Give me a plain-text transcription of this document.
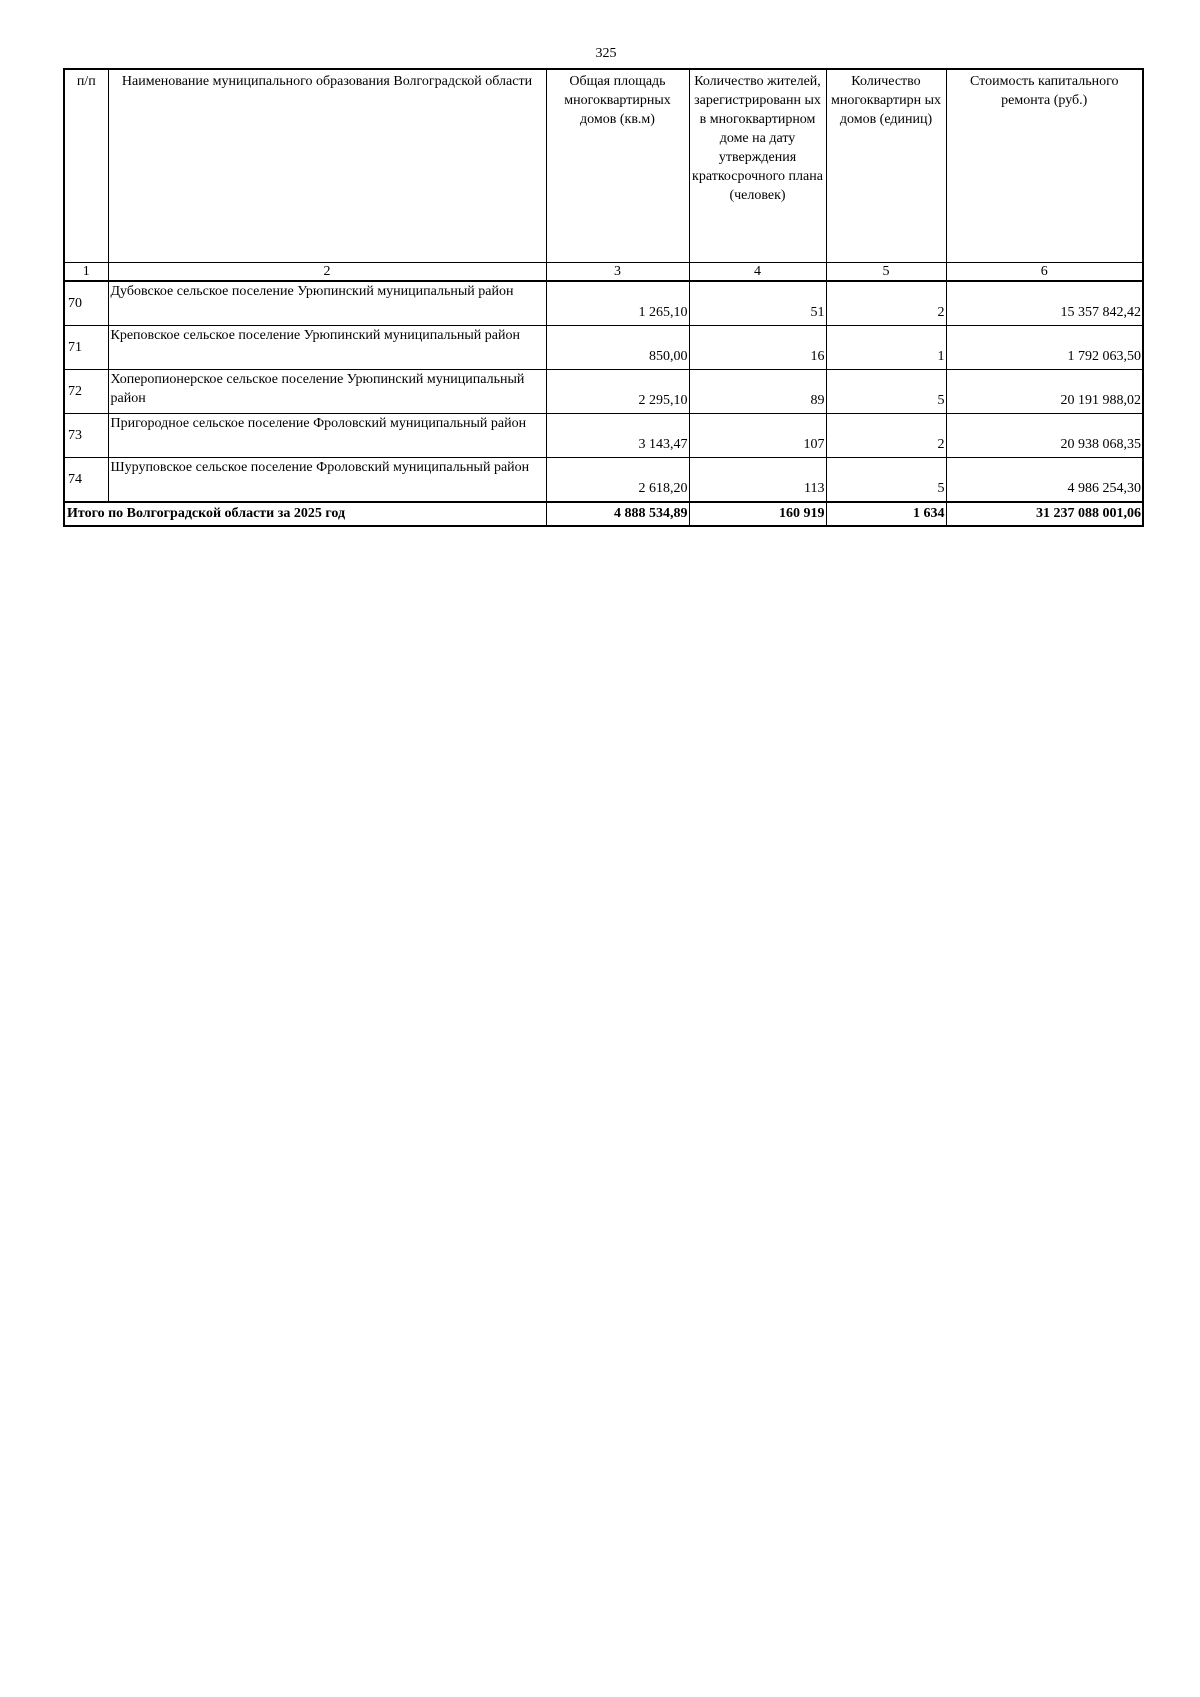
325
п/п	Наименование муниципального образования Волгоградской области	Общая площадь многоквартирных домов (кв.м)	Количество жителей, зарегистрированн ых в многоквартирном доме на дату утверждения краткосрочного плана (человек)	Количество многоквартирн ых домов (единиц)	Стоимость капитального ремонта (руб.)
1	2	3	4	5	6
70	Дубовское сельское поселение Урюпинский муниципальный район	1 265,10	51	2	15 357 842,42
71	Креповское сельское поселение Урюпинский муниципальный район	850,00	16	1	1 792 063,50
72	Хоперопионерское сельское поселение Урюпинский муниципальный район	2 295,10	89	5	20 191 988,02
73	Пригородное сельское поселение Фроловский муниципальный район	3 143,47	107	2	20 938 068,35
74	Шуруповское сельское поселение Фроловский муниципальный район	2 618,20	113	5	4 986 254,30
Итого по Волгоградской области за 2025 год		4 888 534,89	160 919	1 634	31 237 088 001,06
